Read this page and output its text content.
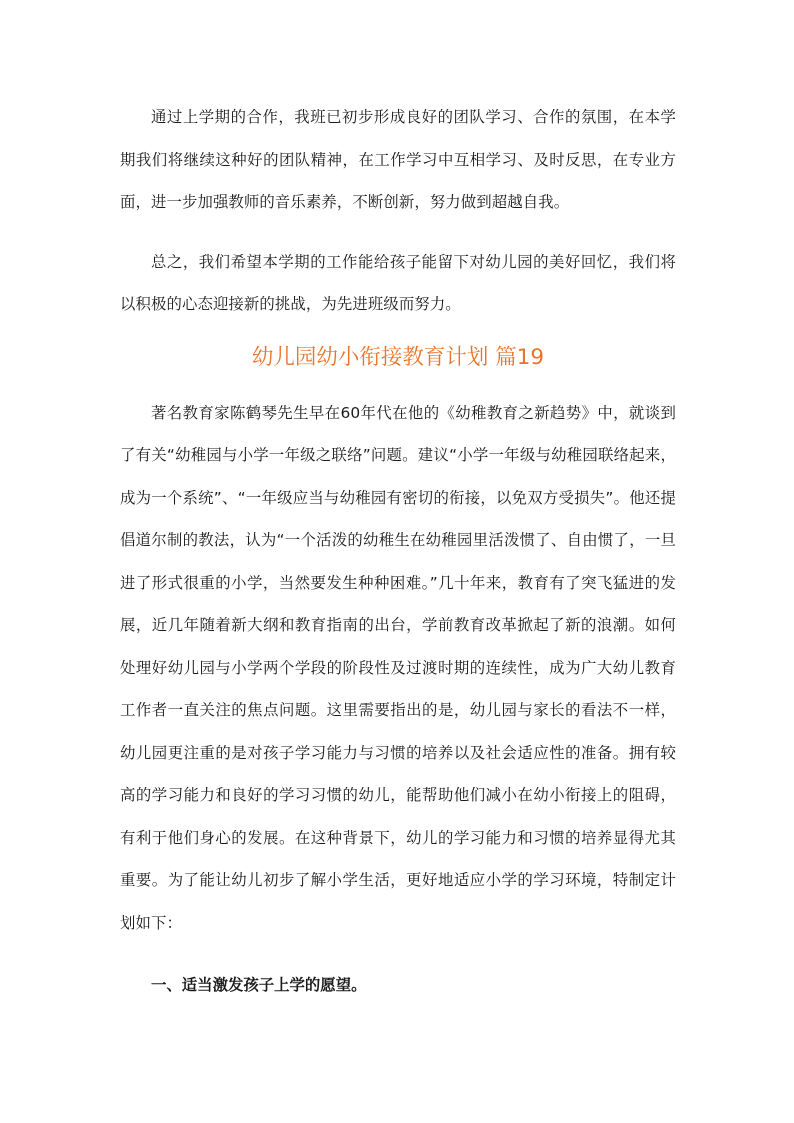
通过上学期的合作，我班已初步形成良好的团队学习、合作的氛围，在本学期我们将继续这种好的团队精神，在工作学习中互相学习、及时反思，在专业方面，进一步加强教师的音乐素养，不断创新，努力做到超越自我。

总之，我们希望本学期的工作能给孩子能留下对幼儿园的美好回忆，我们将以积极的心态迎接新的挑战，为先进班级而努力。

幼儿园幼小衔接教育计划 篇19

著名教育家陈鹤琴先生早在60年代在他的《幼稚教育之新趋势》中，就谈到了有关“幼稚园与小学一年级之联络”问题。建议“小学一年级与幼稚园联络起来，成为一个系统”、“一年级应当与幼稚园有密切的衔接，以免双方受损失”。他还提倡道尔制的教法，认为“一个活泼的幼稚生在幼稚园里活泼惯了、自由惯了，一旦进了形式很重的小学，当然要发生种种困难。”几十年来，教育有了突飞猛进的发展，近几年随着新大纲和教育指南的出台，学前教育改革掀起了新的浪潮。如何处理好幼儿园与小学两个学段的阶段性及过渡时期的连续性，成为广大幼儿教育工作者一直关注的焦点问题。这里需要指出的是，幼儿园与家长的看法不一样，幼儿园更注重的是对孩子学习能力与习惯的培养以及社会适应性的准备。拥有较高的学习能力和良好的学习习惯的幼儿，能帮助他们减小在幼小衔接上的阻碍，有利于他们身心的发展。在这种背景下，幼儿的学习能力和习惯的培养显得尤其重要。为了能让幼儿初步了解小学生活，更好地适应小学的学习环境，特制定计划如下：

一、适当激发孩子上学的愿望。
